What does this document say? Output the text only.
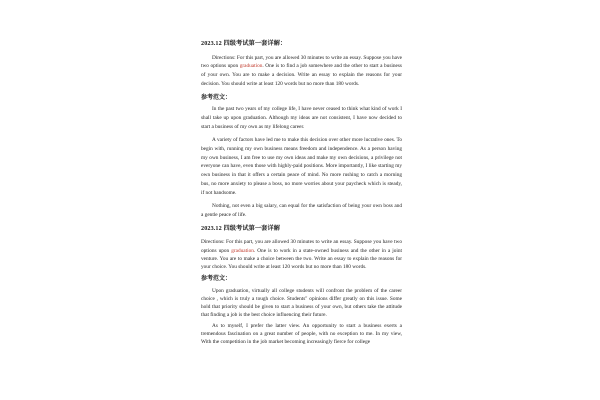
2023.12 四级考试第一套详解：

Directions: For this part, you are allowed 30 minutes to write an essay. Suppose you have two options upon graduation. One is to find a job somewhere and the other to start a business of your own. You are to make a decision. Write an essay to explain the reasons for your decision. You should write at least 120 words but no more than 180 words.

参考范文：

In the past two years of my college life, I have never ceased to think what kind of work I shall take up upon graduation. Although my ideas are not consistent, I have now decided to start a business of my own as my lifelong career.

A variety of factors have led me to make this decision over other more lucrative ones. To begin with, running my own business means freedom and independence. As a person having my own business, I am free to use my own ideas and make my own decisions, a privilege not everyone can have, even those with highly-paid positions. More importantly, I like starting my own business in that it offers a certain peace of mind. No more rushing to catch a morning bus, no more anxiety to please a boss, no more worries about your paycheck which is steady, if not handsome.

Nothing, not even a big salary, can equal for the satisfaction of being your own boss and a gentle peace of life.

2023.12 四级考试第一套详解

Directions: For this part, you are allowed 30 minutes to write an essay. Suppose you have two options upon graduation. One is to work in a state-owned business and the other in a joint venture. You are to make a choice between the two. Write an essay to explain the reasons for your choice. You should write at least 120 words but no more than 180 words.

参考范文：

Upon graduation, virtually all college students will confront the problem of the career choice , which is truly a tough choice. Students" opinions differ greatly on this issue. Some hold that priority should be given to start a business of your own, but others take the attitude that finding a job is the best choice influencing their future.

As to myself, I prefer the latter view. An opportunity to start a business exerts a tremendous fascination on a great number of people, with no exception to me. In my view, With the competition in the job market becoming increasingly fierce for college
